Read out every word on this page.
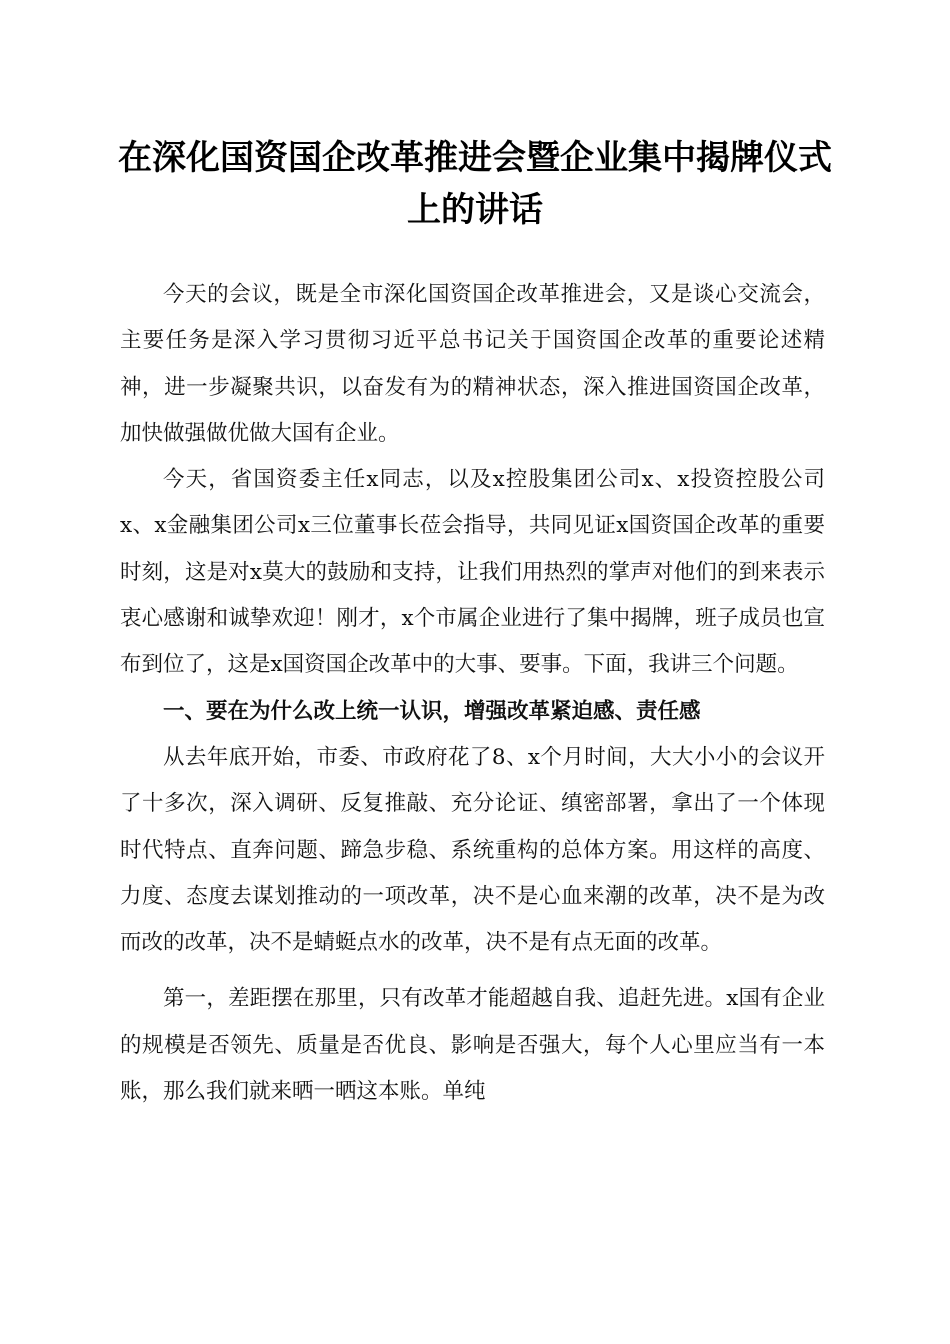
在深化国资国企改革推进会暨企业集中揭牌仪式上的讲话

今天的会议，既是全市深化国资国企改革推进会，又是谈心交流会，主要任务是深入学习贯彻习近平总书记关于国资国企改革的重要论述精神，进一步凝聚共识，以奋发有为的精神状态，深入推进国资国企改革，加快做强做优做大国有企业。

今天，省国资委主任x同志，以及x控股集团公司x、x投资控股公司x、x金融集团公司x三位董事长莅会指导，共同见证x国资国企改革的重要时刻，这是对x莫大的鼓励和支持，让我们用热烈的掌声对他们的到来表示衷心感谢和诚挚欢迎！刚才，x个市属企业进行了集中揭牌，班子成员也宣布到位了，这是x国资国企改革中的大事、要事。下面，我讲三个问题。

一、要在为什么改上统一认识，增强改革紧迫感、责任感

从去年底开始，市委、市政府花了8、x个月时间，大大小小的会议开了十多次，深入调研、反复推敲、充分论证、缜密部署，拿出了一个体现时代特点、直奔问题、蹄急步稳、系统重构的总体方案。用这样的高度、力度、态度去谋划推动的一项改革，决不是心血来潮的改革，决不是为改而改的改革，决不是蜻蜓点水的改革，决不是有点无面的改革。

第一，差距摆在那里，只有改革才能超越自我、追赶先进。x国有企业的规模是否领先、质量是否优良、影响是否强大，每个人心里应当有一本账，那么我们就来晒一晒这本账。单纯
